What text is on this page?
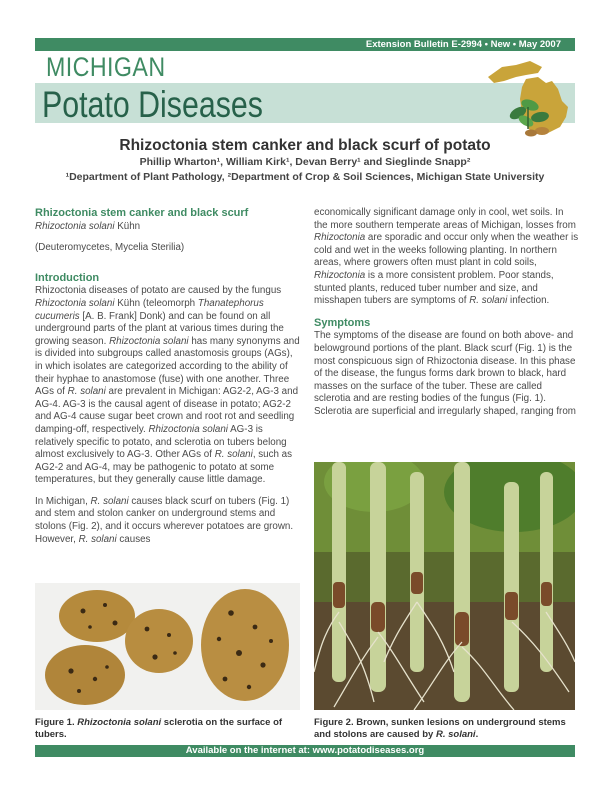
Extension Bulletin E-2994 • New • May 2007
MICHIGAN
Potato Diseases
Rhizoctonia stem canker and black scurf of potato
Phillip Wharton¹, William Kirk¹, Devan Berry¹ and Sieglinde Snapp²
¹Department of Plant Pathology, ²Department of Crop & Soil Sciences, Michigan State University
Rhizoctonia stem canker and black scurf

Rhizoctonia solani Kühn

(Deuteromycetes, Mycelia Sterilia)

Introduction

Rhizoctonia diseases of potato are caused by the fungus Rhizoctonia solani Kühn (teleomorph Thanatephorus cucumeris [A. B. Frank] Donk) and can be found on all underground parts of the plant at various times during the growing season. Rhizoctonia solani has many synonyms and is divided into subgroups called anastomosis groups (AGs), in which isolates are categorized according to the ability of their hyphae to anastomose (fuse) with one another. Three AGs of R. solani are prevalent in Michigan: AG2-2, AG-3 and AG-4. AG-3 is the causal agent of disease in potato; AG2-2 and AG-4 cause sugar beet crown and root rot and seedling damping-off, respectively. Rhizoctonia solani AG-3 is relatively specific to potato, and sclerotia on tubers belong almost exclusively to AG-3. Other AGs of R. solani, such as AG2-2 and AG-4, may be pathogenic to potato at some temperatures, but they generally cause little damage.

In Michigan, R. solani causes black scurf on tubers (Fig. 1) and stem and stolon canker on underground stems and stolons (Fig. 2), and it occurs wherever potatoes are grown. However, R. solani causes

economically significant damage only in cool, wet soils. In the more southern temperate areas of Michigan, losses from Rhizoctonia are sporadic and occur only when the weather is cold and wet in the weeks following planting. In northern areas, where growers often must plant in cold soils, Rhizoctonia is a more consistent problem. Poor stands, stunted plants, reduced tuber number and size, and misshapen tubers are symptoms of R. solani infection.

Symptoms

The symptoms of the disease are found on both above- and belowground portions of the plant. Black scurf (Fig. 1) is the most conspicuous sign of Rhizoctonia disease. In this phase of the disease, the fungus forms dark brown to black, hard masses on the surface of the tuber. These are called sclerotia and are resting bodies of the fungus (Fig. 1). Sclerotia are superficial and irregularly shaped, ranging from

Figure 1. Rhizoctonia solani sclerotia on the surface of tubers.
Figure 2. Brown, sunken lesions on underground stems and stolons are caused by R. solani.
Available on the internet at: www.potatodiseases.org
